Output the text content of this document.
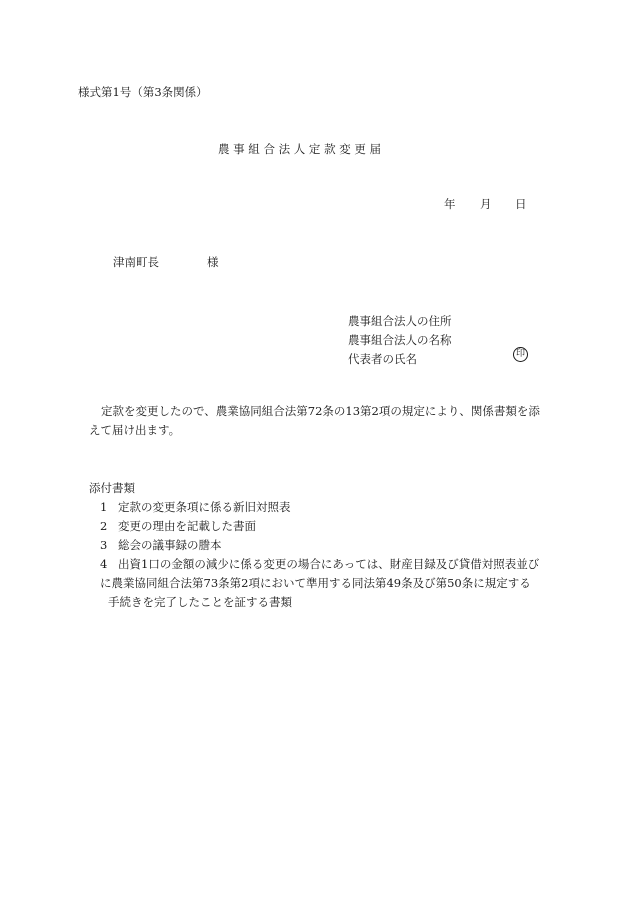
様式第1号（第3条関係）
農 事 組 合 法 人 定 款 変 更 届
年 月 日
津南町長	様
農事組合法人の住所
農事組合法人の名称
代表者の氏名	印
定款を変更したので、農業協同組合法第72条の13第2項の規定により、関係書類を添
えて届け出ます。
添付書類
1 定款の変更条項に係る新旧対照表
2 変更の理由を記載した書面
3 総会の議事録の謄本
4 出資1口の金額の減少に係る変更の場合にあっては、財産目録及び貸借対照表並び
に農業協同組合法第73条第2項において準用する同法第49条及び第50条に規定する
手続きを完了したことを証する書類
